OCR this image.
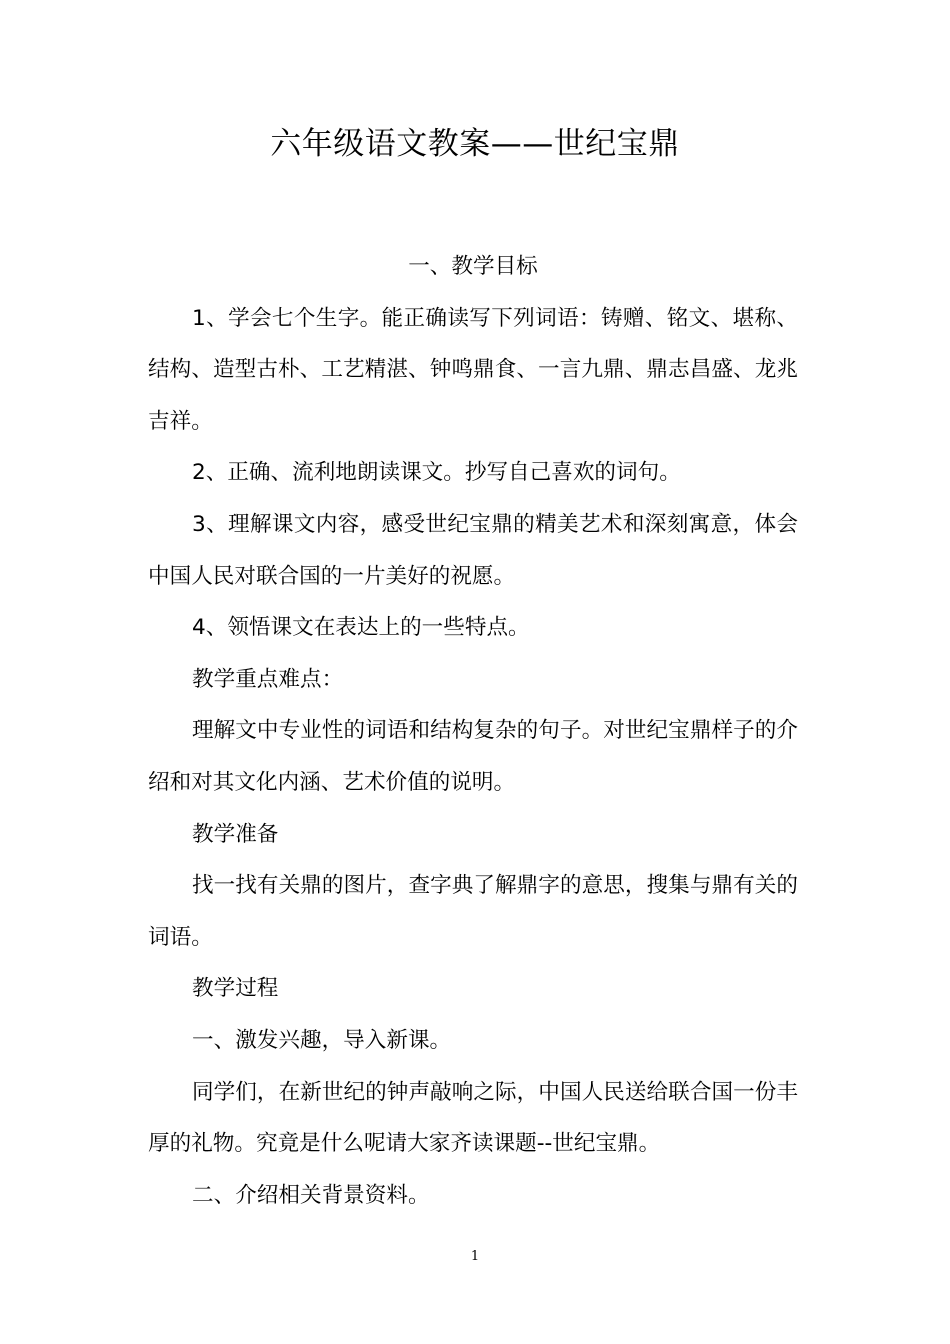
六年级语文教案——世纪宝鼎

一、教学目标

1、学会七个生字。能正确读写下列词语：铸赠、铭文、堪称、结构、造型古朴、工艺精湛、钟鸣鼎食、一言九鼎、鼎志昌盛、龙兆吉祥。

2、正确、流利地朗读课文。抄写自己喜欢的词句。

3、理解课文内容，感受世纪宝鼎的精美艺术和深刻寓意，体会中国人民对联合国的一片美好的祝愿。

4、领悟课文在表达上的一些特点。

教学重点难点：

理解文中专业性的词语和结构复杂的句子。对世纪宝鼎样子的介绍和对其文化内涵、艺术价值的说明。

教学准备

找一找有关鼎的图片，查字典了解鼎字的意思，搜集与鼎有关的词语。

教学过程

一、激发兴趣，导入新课。

同学们，在新世纪的钟声敲响之际，中国人民送给联合国一份丰厚的礼物。究竟是什么呢请大家齐读课题--世纪宝鼎。

二、介绍相关背景资料。

1
